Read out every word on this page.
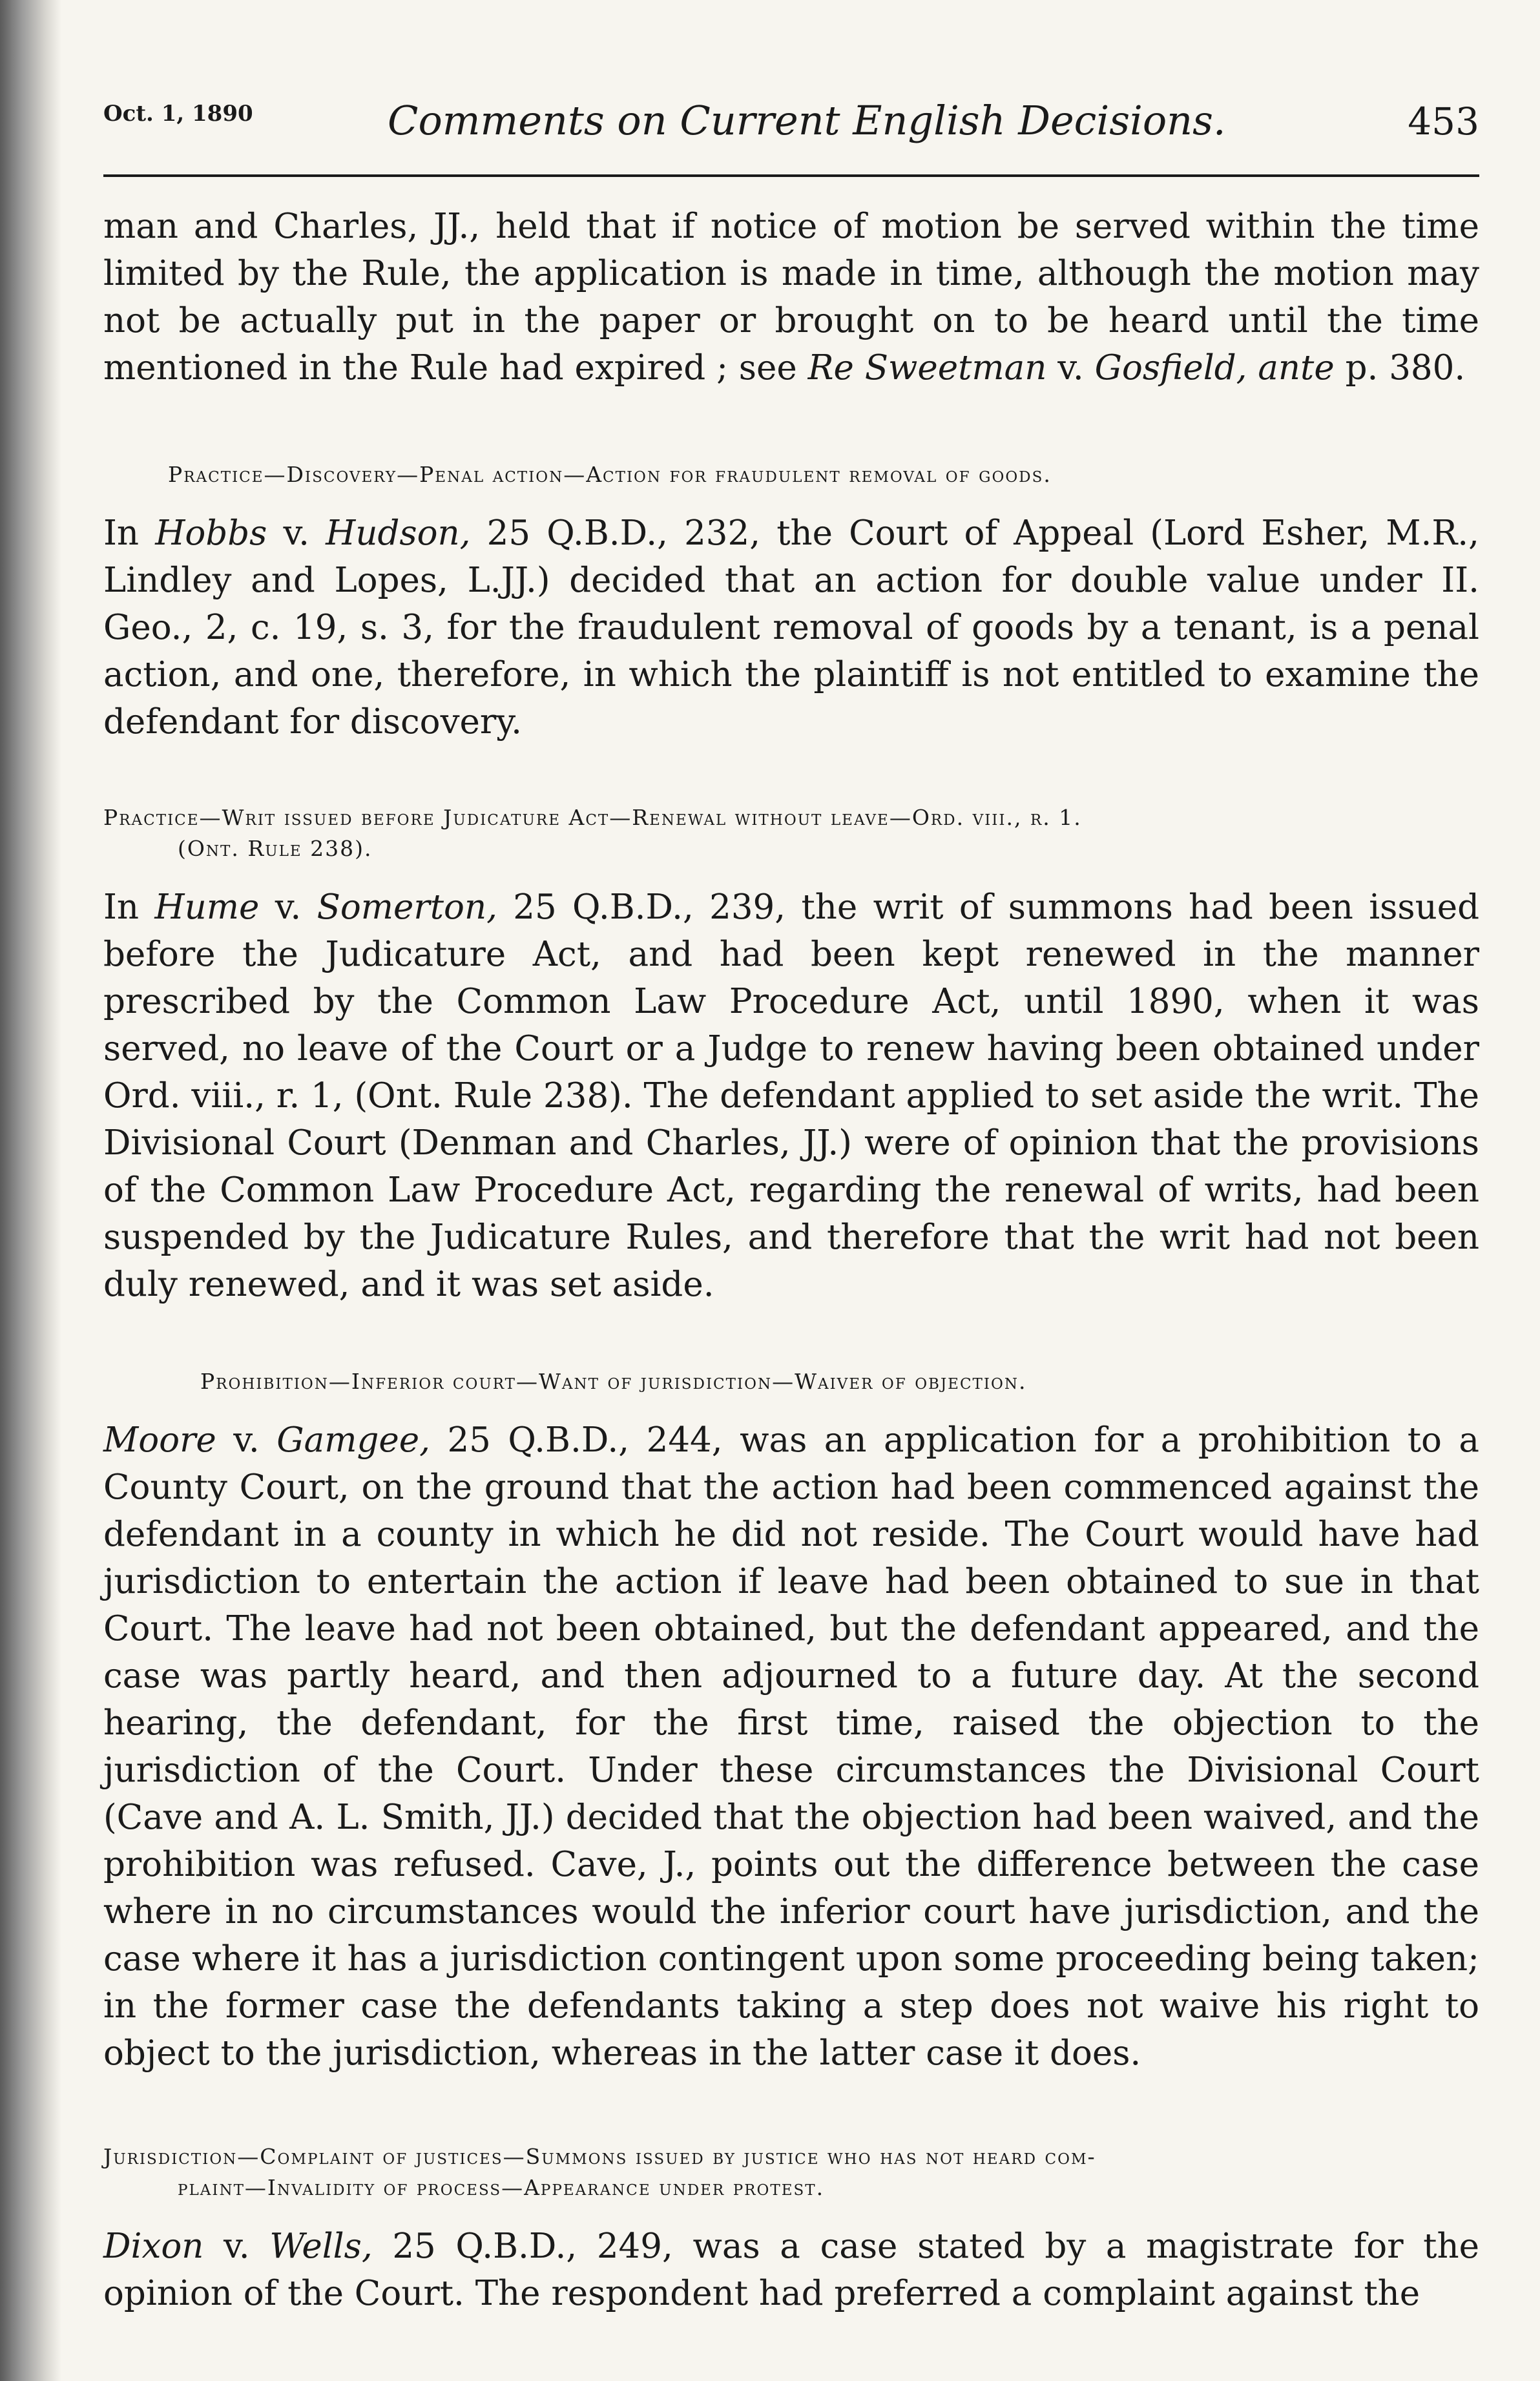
Oct. 1, 1890	Comments on Current English Decisions.	453

man and Charles, JJ., held that if notice of motion be served within the time limited by the Rule, the application is made in time, although the motion may not be actually put in the paper or brought on to be heard until the time mentioned in the Rule had expired ; see Re Sweetman v. Gosfield, ante p. 380.

Practice—Discovery—Penal action—Action for fraudulent removal of goods.

In Hobbs v. Hudson, 25 Q.B.D., 232, the Court of Appeal (Lord Esher, M.R., Lindley and Lopes, L.JJ.) decided that an action for double value under II. Geo., 2, c. 19, s. 3, for the fraudulent removal of goods by a tenant, is a penal action, and one, therefore, in which the plaintiff is not entitled to examine the defendant for discovery.

Practice—Writ issued before Judicature Act—Renewal without leave—Ord. viii., r. 1.
(Ont. Rule 238).

In Hume v. Somerton, 25 Q.B.D., 239, the writ of summons had been issued before the Judicature Act, and had been kept renewed in the manner prescribed by the Common Law Procedure Act, until 1890, when it was served, no leave of the Court or a Judge to renew having been obtained under Ord. viii., r. 1, (Ont. Rule 238). The defendant applied to set aside the writ. The Divisional Court (Denman and Charles, JJ.) were of opinion that the provisions of the Common Law Procedure Act, regarding the renewal of writs, had been suspended by the Judicature Rules, and therefore that the writ had not been duly renewed, and it was set aside.

Prohibition—Inferior court—Want of jurisdiction—Waiver of objection.

Moore v. Gamgee, 25 Q.B.D., 244, was an application for a prohibition to a County Court, on the ground that the action had been commenced against the defendant in a county in which he did not reside. The Court would have had jurisdiction to entertain the action if leave had been obtained to sue in that Court. The leave had not been obtained, but the defendant appeared, and the case was partly heard, and then adjourned to a future day. At the second hearing, the defendant, for the first time, raised the objection to the jurisdiction of the Court. Under these circumstances the Divisional Court (Cave and A. L. Smith, JJ.) decided that the objection had been waived, and the prohibition was refused. Cave, J., points out the difference between the case where in no circumstances would the inferior court have jurisdiction, and the case where it has a jurisdiction contingent upon some proceeding being taken; in the former case the defendants taking a step does not waive his right to object to the jurisdiction, whereas in the latter case it does.

Jurisdiction—Complaint of justices—Summons issued by justice who has not heard com-
plaint—Invalidity of process—Appearance under protest.

Dixon v. Wells, 25 Q.B.D., 249, was a case stated by a magistrate for the opinion of the Court. The respondent had preferred a complaint against the
